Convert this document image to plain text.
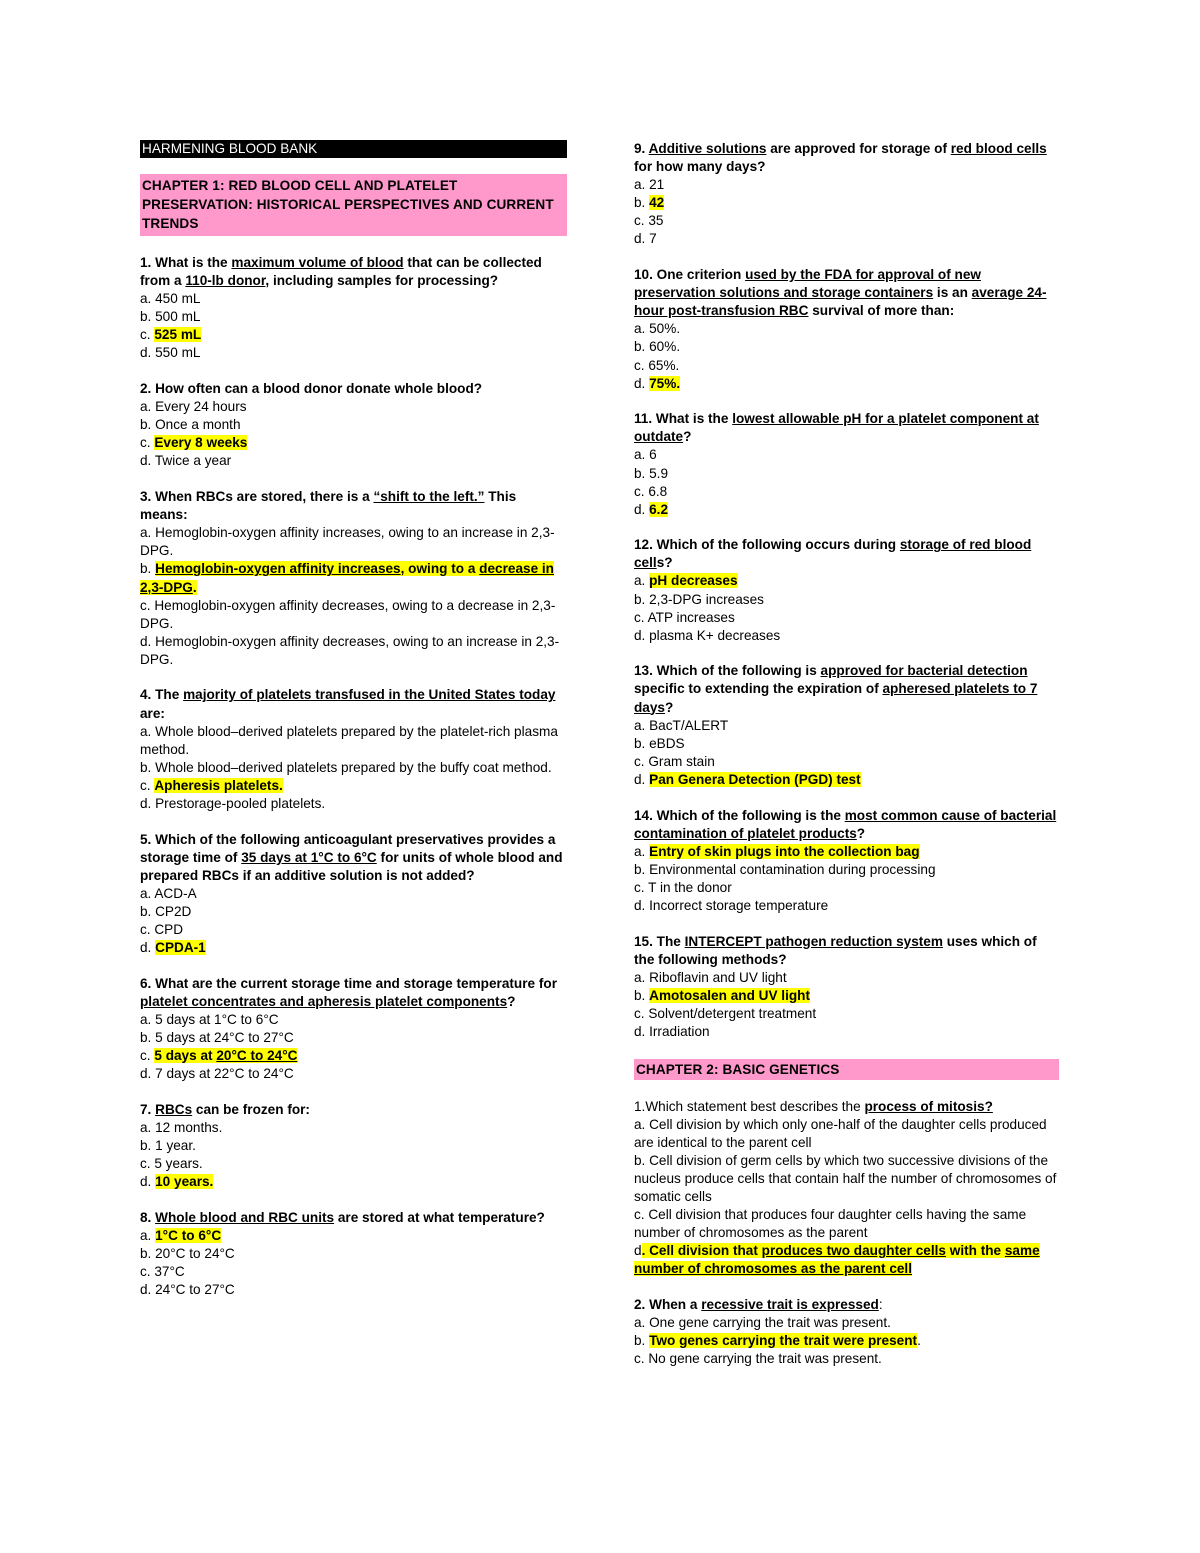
HARMENING BLOOD BANK
CHAPTER 1: RED BLOOD CELL AND PLATELET PRESERVATION: HISTORICAL PERSPECTIVES AND CURRENT TRENDS
1. What is the maximum volume of blood that can be collected from a 110-lb donor, including samples for processing?
a. 450 mL
b. 500 mL
c. 525 mL
d. 550 mL
2. How often can a blood donor donate whole blood?
a. Every 24 hours
b. Once a month
c. Every 8 weeks
d. Twice a year
3. When RBCs are stored, there is a “shift to the left.” This means:
a. Hemoglobin-oxygen affinity increases, owing to an increase in 2,3-DPG.
b. Hemoglobin-oxygen affinity increases, owing to a decrease in 2,3-DPG.
c. Hemoglobin-oxygen affinity decreases, owing to a decrease in 2,3-DPG.
d. Hemoglobin-oxygen affinity decreases, owing to an increase in 2,3-DPG.
4. The majority of platelets transfused in the United States today are:
a. Whole blood–derived platelets prepared by the platelet-rich plasma method.
b. Whole blood–derived platelets prepared by the buffy coat method.
c. Apheresis platelets.
d. Prestorage-pooled platelets.
5. Which of the following anticoagulant preservatives provides a storage time of 35 days at 1°C to 6°C for units of whole blood and prepared RBCs if an additive solution is not added?
a. ACD-A
b. CP2D
c. CPD
d. CPDA-1
6. What are the current storage time and storage temperature for platelet concentrates and apheresis platelet components?
a. 5 days at 1°C to 6°C
b. 5 days at 24°C to 27°C
c. 5 days at 20°C to 24°C
d. 7 days at 22°C to 24°C
7. RBCs can be frozen for:
a. 12 months.
b. 1 year.
c. 5 years.
d. 10 years.
8. Whole blood and RBC units are stored at what temperature?
a. 1°C to 6°C
b. 20°C to 24°C
c. 37°C
d. 24°C to 27°C
9. Additive solutions are approved for storage of red blood cells for how many days?
a. 21
b. 42
c. 35
d. 7
10. One criterion used by the FDA for approval of new preservation solutions and storage containers is an average 24-hour post-transfusion RBC survival of more than:
a. 50%.
b. 60%.
c. 65%.
d. 75%.
11. What is the lowest allowable pH for a platelet component at outdate?
a. 6
b. 5.9
c. 6.8
d. 6.2
12. Which of the following occurs during storage of red blood cells?
a. pH decreases
b. 2,3-DPG increases
c. ATP increases
d. plasma K+ decreases
13. Which of the following is approved for bacterial detection specific to extending the expiration of apheresed platelets to 7 days?
a. BacT/ALERT
b. eBDS
c. Gram stain
d. Pan Genera Detection (PGD) test
14. Which of the following is the most common cause of bacterial contamination of platelet products?
a. Entry of skin plugs into the collection bag
b. Environmental contamination during processing
c. T in the donor
d. Incorrect storage temperature
15. The INTERCEPT pathogen reduction system uses which of the following methods?
a. Riboflavin and UV light
b. Amotosalen and UV light
c. Solvent/detergent treatment
d. Irradiation
CHAPTER 2: BASIC GENETICS
1.Which statement best describes the process of mitosis?
a. Cell division by which only one-half of the daughter cells produced are identical to the parent cell
b. Cell division of germ cells by which two successive divisions of the nucleus produce cells that contain half the number of chromosomes of somatic cells
c. Cell division that produces four daughter cells having the same number of chromosomes as the parent
d. Cell division that produces two daughter cells with the same number of chromosomes as the parent cell
2. When a recessive trait is expressed:
a. One gene carrying the trait was present.
b. Two genes carrying the trait were present.
c. No gene carrying the trait was present.
